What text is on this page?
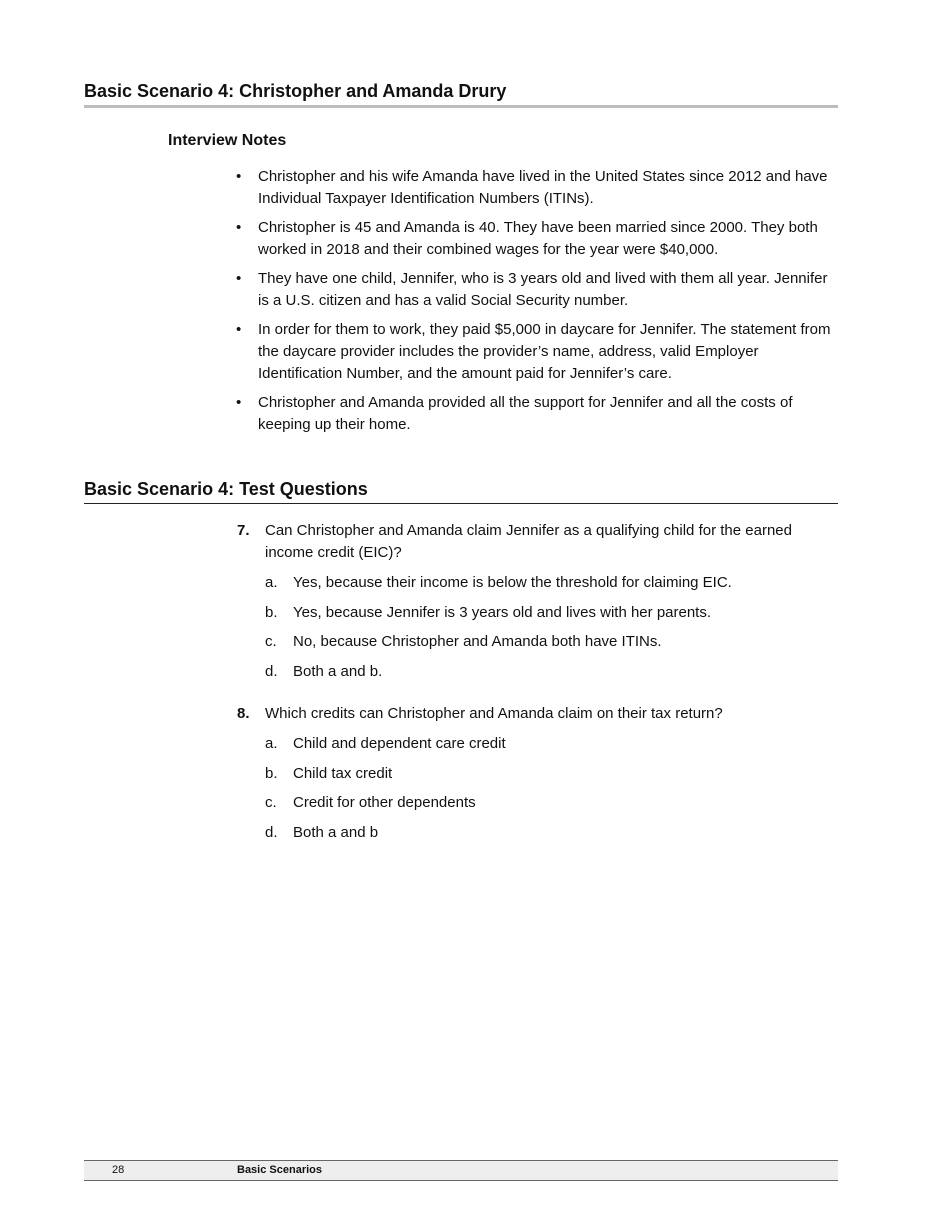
Basic Scenario 4: Christopher and Amanda Drury
Interview Notes
• Christopher and his wife Amanda have lived in the United States since 2012 and have Individual Taxpayer Identification Numbers (ITINs).
• Christopher is 45 and Amanda is 40. They have been married since 2000. They both worked in 2018 and their combined wages for the year were $40,000.
• They have one child, Jennifer, who is 3 years old and lived with them all year. Jennifer is a U.S. citizen and has a valid Social Security number.
• In order for them to work, they paid $5,000 in daycare for Jennifer. The statement from the daycare provider includes the provider’s name, address, valid Employer Identification Number, and the amount paid for Jennifer’s care.
• Christopher and Amanda provided all the support for Jennifer and all the costs of keeping up their home.
Basic Scenario 4: Test Questions
7. Can Christopher and Amanda claim Jennifer as a qualifying child for the earned income credit (EIC)?
a. Yes, because their income is below the threshold for claiming EIC.
b. Yes, because Jennifer is 3 years old and lives with her parents.
c. No, because Christopher and Amanda both have ITINs.
d. Both a and b.
8. Which credits can Christopher and Amanda claim on their tax return?
a. Child and dependent care credit
b. Child tax credit
c. Credit for other dependents
d. Both a and b
28	Basic Scenarios
